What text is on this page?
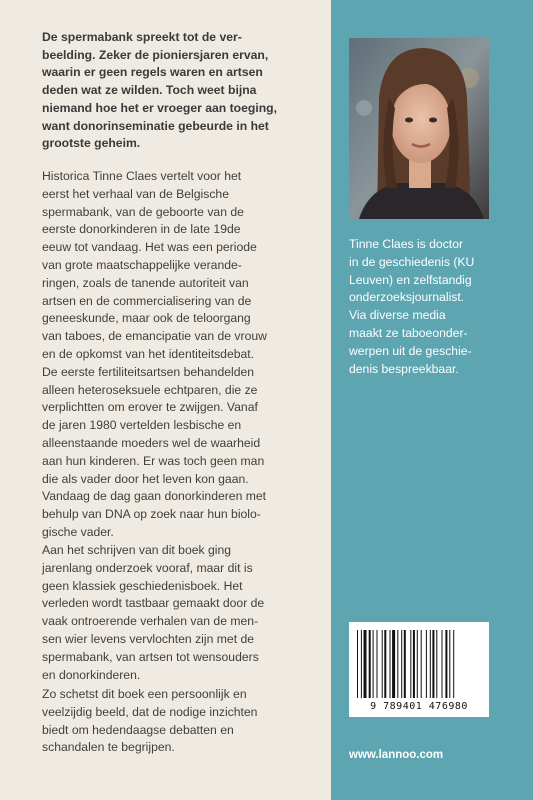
De spermabank spreekt tot de ver-
beelding. Zeker de pioniersjaren ervan,
waarin er geen regels waren en artsen
deden wat ze wilden. Toch weet bijna
niemand hoe het er vroeger aan toeging,
want donorinseminatie gebeurde in het
grootste geheim.

Historica Tinne Claes vertelt voor het
eerst het verhaal van de Belgische
spermabank, van de geboorte van de
eerste donorkinderen in de late 19de
eeuw tot vandaag. Het was een periode
van grote maatschappelijke verande-
ringen, zoals de tanende autoriteit van
artsen en de commercialisering van de
geneeskunde, maar ook de teloorgang
van taboes, de emancipatie van de vrouw
en de opkomst van het identiteitsdebat.
De eerste fertiliteitsartsen behandelden
alleen heteroseksuele echtparen, die ze
verplichtten om erover te zwijgen. Vanaf
de jaren 1980 vertelden lesbische en
alleenstaande moeders wel de waarheid
aan hun kinderen. Er was toch geen man
die als vader door het leven kon gaan.
Vandaag de dag gaan donorkinderen met
behulp van DNA op zoek naar hun biolo-
gische vader.

Aan het schrijven van dit boek ging
jarenlang onderzoek vooraf, maar dit is
geen klassiek geschiedenisboek. Het
verleden wordt tastbaar gemaakt door de
vaak ontroerende verhalen van de men-
sen wier levens vervlochten zijn met de
spermabank, van artsen tot wensouders
en donorkinderen.

Zo schetst dit boek een persoonlijk en
veelzijdig beeld, dat de nodige inzichten
biedt om hedendaagse debatten en
schandalen te begrijpen.

Tinne Claes is doctor
in de geschiedenis (KU
Leuven) en zelfstandig
onderzoeksjournalist.
Via diverse media
maakt ze taboeonder-
werpen uit de geschie-
denis bespreekbaar.

9 789401 476980
www.lannoo.com
